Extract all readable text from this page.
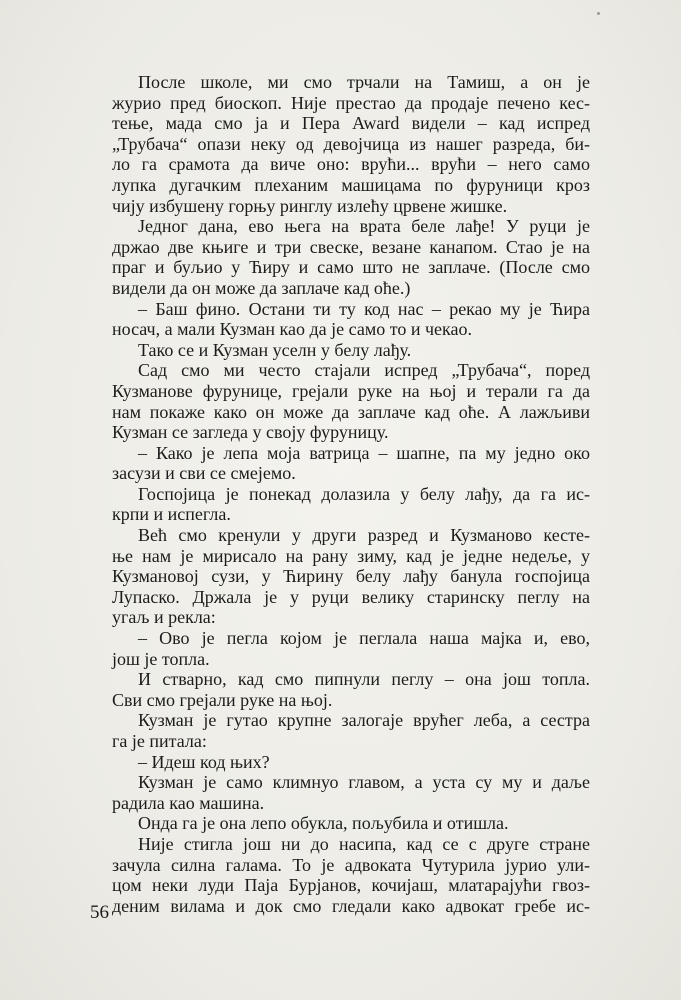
После школе, ми смо трчали на Тамиш, а он је
журио пред биоскоп. Није престао да продаје печено кес-
тење, мада смо ја и Пера Award видели – кад испред
„Трубача“ опази неку од девојчица из нашег разреда, би-
ло га срамота да виче оно: врући... врући – него само
лупка дугачким плеханим машицама по фуруници кроз
чију избушену горњу ринглу излећу црвене жишке.
Једног дана, ево њега на врата беле лађе! У руци је
држао две књиге и три свеске, везане канапом. Стао је на
праг и буљио у Ћиру и само што не заплаче. (После смо
видели да он може да заплаче кад оће.)
– Баш фино. Остани ти ту код нас – рекао му је Ћира
носач, а мали Кузман као да је само то и чекао.
Тако се и Кузман уселн у белу лађу.
Сад смо ми често стајали испред „Трубача“, поред
Кузманове фурунице, грејали руке на њој и терали га да
нам покаже како он може да заплаче кад оће. А лажљиви
Кузман се загледа у своју фуруницу.
– Како је лепа моја ватрица – шапне, па му једно око
засузи и сви се смејемо.
Госпојица је понекад долазила у белу лађу, да га ис-
крпи и испегла.
Већ смо кренули у други разред и Кузманово кесте-
ње нам је мирисало на рану зиму, кад је једне недеље, у
Кузмановој сузи, у Ћирину белу лађу банула госпојица
Лупаско. Држала је у руци велику старинску пеглу на
угаљ и рекла:
– Ово је пегла којом је пеглала наша мајка и, ево,
још је топла.
И стварно, кад смо пипнули пеглу – она још топла.
Сви смо грејали руке на њој.
Кузман је гутао крупне залогаје врућег леба, а сестра
га је питала:
– Идеш код њих?
Кузман је само климнуо главом, а уста су му и даље
радила као машина.
Онда га је она лепо обукла, пољубила и отишла.
Није стигла још ни до насипа, кад се с друге стране
зачула силна галама. То је адвоката Чутурила јурио ули-
цом неки луди Паја Бурјанов, кочијаш, млатарајући гвоз-
деним вилама и док смо гледали како адвокат гребе ис-
56
